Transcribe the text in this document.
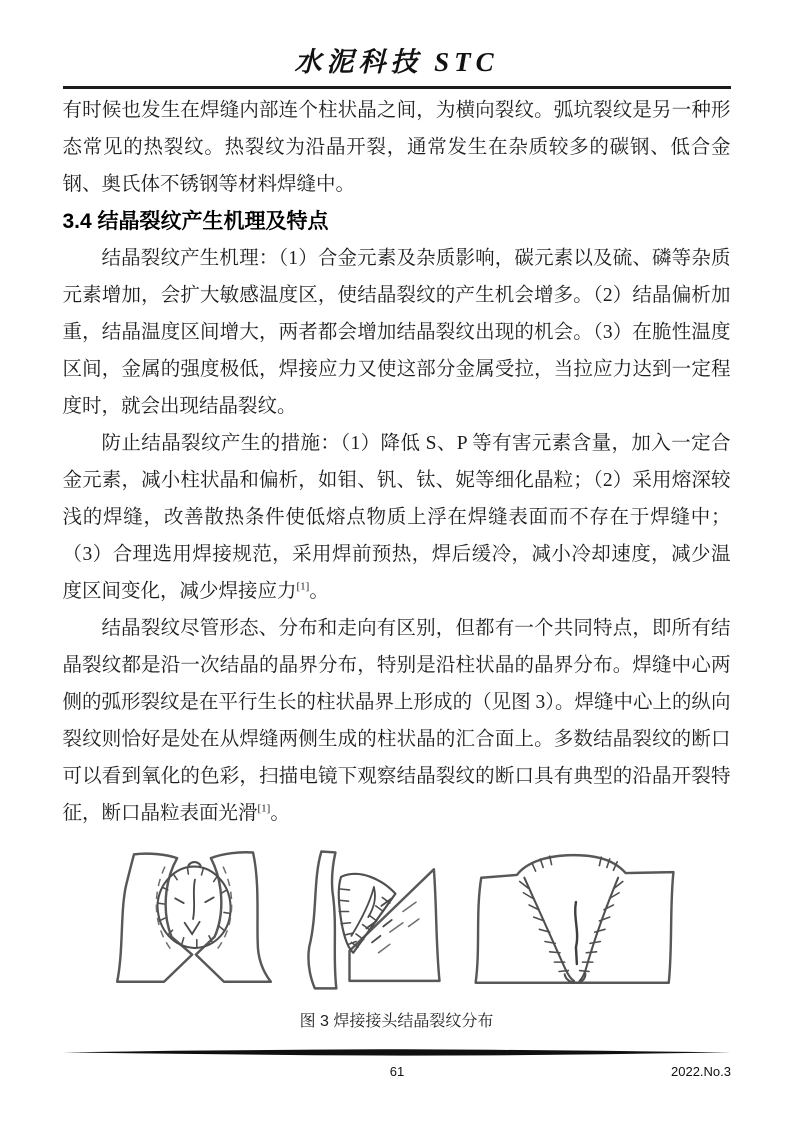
水泥科技 STC

有时候也发生在焊缝内部连个柱状晶之间，为横向裂纹。弧坑裂纹是另一种形态常见的热裂纹。热裂纹为沿晶开裂，通常发生在杂质较多的碳钢、低合金钢、奥氏体不锈钢等材料焊缝中。

3.4 结晶裂纹产生机理及特点

结晶裂纹产生机理：（1）合金元素及杂质影响，碳元素以及硫、磷等杂质元素增加，会扩大敏感温度区，使结晶裂纹的产生机会增多。（2）结晶偏析加重，结晶温度区间增大，两者都会增加结晶裂纹出现的机会。（3）在脆性温度区间，金属的强度极低，焊接应力又使这部分金属受拉，当拉应力达到一定程度时，就会出现结晶裂纹。

防止结晶裂纹产生的措施：（1）降低 S、P 等有害元素含量，加入一定合金元素，减小柱状晶和偏析，如钼、钒、钛、妮等细化晶粒；（2）采用熔深较浅的焊缝，改善散热条件使低熔点物质上浮在焊缝表面而不存在于焊缝中；（3）合理选用焊接规范，采用焊前预热，焊后缓冷，减小冷却速度，减少温度区间变化，减少焊接应力[1]。

结晶裂纹尽管形态、分布和走向有区别，但都有一个共同特点，即所有结晶裂纹都是沿一次结晶的晶界分布，特别是沿柱状晶的晶界分布。焊缝中心两侧的弧形裂纹是在平行生长的柱状晶界上形成的（见图 3）。焊缝中心上的纵向裂纹则恰好是处在从焊缝两侧生成的柱状晶的汇合面上。多数结晶裂纹的断口可以看到氧化的色彩，扫描电镜下观察结晶裂纹的断口具有典型的沿晶开裂特征，断口晶粒表面光滑[1]。

图 3 焊接接头结晶裂纹分布
61	2022.No.3
